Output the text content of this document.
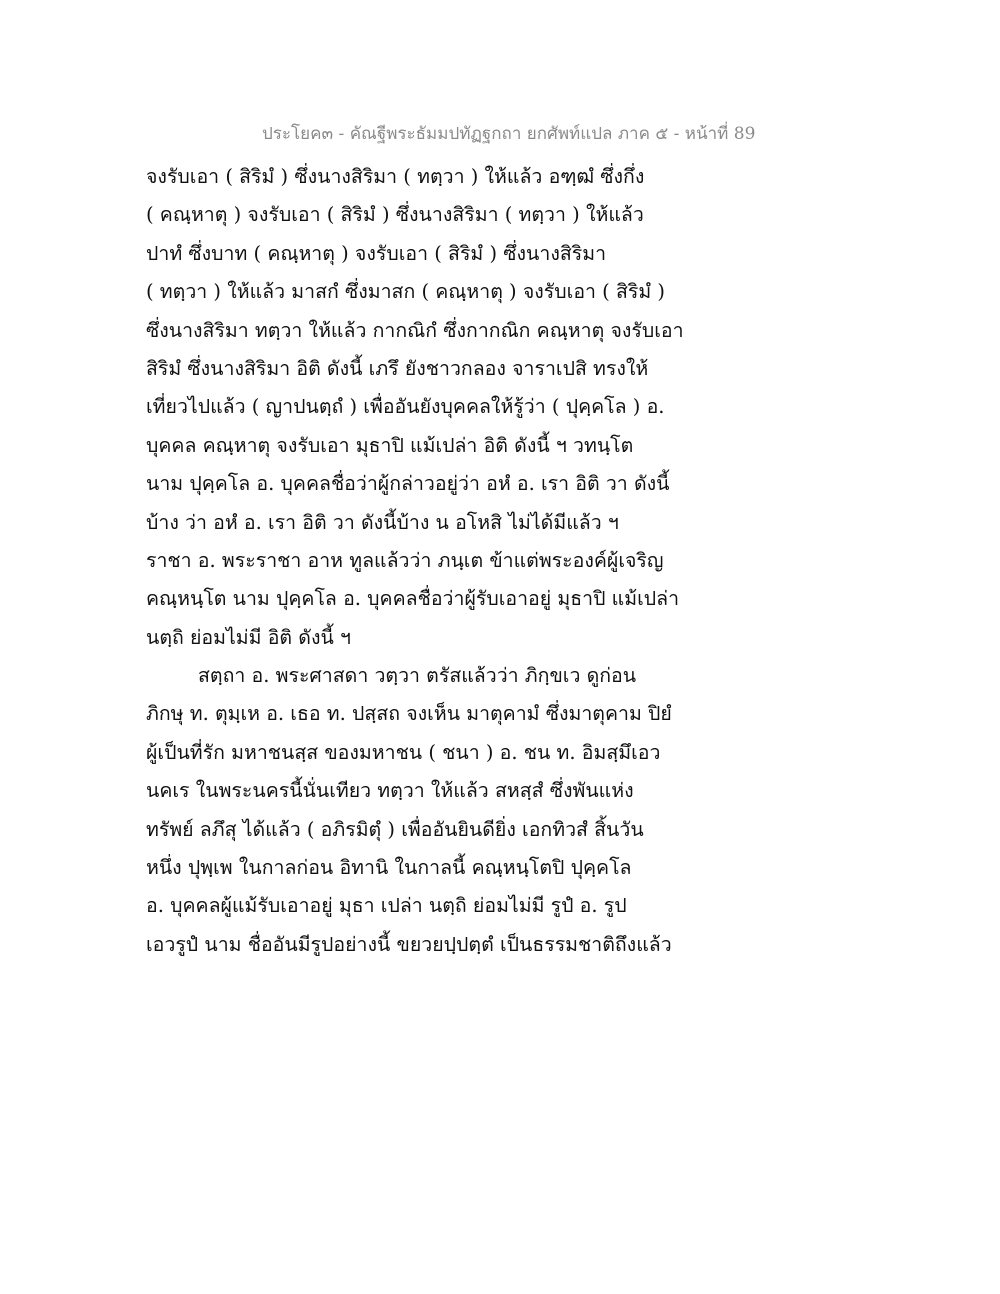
ประโยค๓ - คัณฐีพระธัมมปทัฏฐกถา ยกศัพท์แปล ภาค ๕ - หน้าที่ 89
จงรับเอา ( สิริมํ ) ซึ่งนางสิริมา ( ทตฺวา ) ให้แล้ว อฑฺฒํ ซึ่งกึ่ง
( คณฺหาตุ ) จงรับเอา ( สิริมํ ) ซึ่งนางสิริมา ( ทตฺวา ) ให้แล้ว
ปาทํ ซึ่งบาท ( คณฺหาตุ ) จงรับเอา ( สิริมํ ) ซึ่งนางสิริมา
( ทตฺวา ) ให้แล้ว มาสกํ ซึ่งมาสก ( คณฺหาตุ ) จงรับเอา ( สิริมํ )
ซึ่งนางสิริมา ทตฺวา ให้แล้ว กากณิกํ ซึ่งกากณิก คณฺหาตุ จงรับเอา
สิริมํ ซึ่งนางสิริมา อิติ ดังนี้ เภรึ ยังชาวกลอง จาราเปสิ ทรงให้
เที่ยวไปแล้ว ( ญาปนตฺถํ ) เพื่ออันยังบุคคลให้รู้ว่า ( ปุคฺคโล ) อ.
บุคคล คณฺหาตุ จงรับเอา มุธาปิ แม้เปล่า อิติ ดังนี้ ฯ วทนฺโต
นาม ปุคฺคโล อ. บุคคลชื่อว่าผู้กล่าวอยู่ว่า อหํ อ. เรา อิติ วา ดังนี้
บ้าง ว่า อหํ อ. เรา อิติ วา ดังนี้บ้าง น อโหสิ ไม่ได้มีแล้ว ฯ
ราชา อ. พระราชา อาห ทูลแล้วว่า ภนฺเต ข้าแต่พระองค์ผู้เจริญ
คณฺหนฺโต นาม ปุคฺคโล อ. บุคคลชื่อว่าผู้รับเอาอยู่ มุธาปิ แม้เปล่า
นตฺถิ ย่อมไม่มี อิติ ดังนี้ ฯ
สตฺถา อ. พระศาสดา วตฺวา ตรัสแล้วว่า ภิกฺขเว ดูก่อน
ภิกษุ ท. ตุมฺเห อ. เธอ ท. ปสฺสถ จงเห็น มาตุคามํ ซึ่งมาตุคาม ปิยํ
ผู้เป็นที่รัก มหาชนสฺส ของมหาชน ( ชนา ) อ. ชน ท. อิมสฺมึเอว
นคเร ในพระนครนี้นั่นเทียว ทตฺวา ให้แล้ว สหสฺสํ ซึ่งพันแห่ง
ทรัพย์ ลภึสุ ได้แล้ว ( อภิรมิตุํ ) เพื่ออันยินดียิ่ง เอกทิวสํ สิ้นวัน
หนึ่ง ปุพฺเพ ในกาลก่อน อิทานิ ในกาลนี้ คณฺหนฺโตปิ ปุคฺคโล
อ. บุคคลผู้แม้รับเอาอยู่ มุธา เปล่า นตฺถิ ย่อมไม่มี รูปํ อ. รูป
เอวรูปํ นาม ชื่ออันมีรูปอย่างนี้ ขยวยปฺปตฺตํ เป็นธรรมชาติถึงแล้ว
